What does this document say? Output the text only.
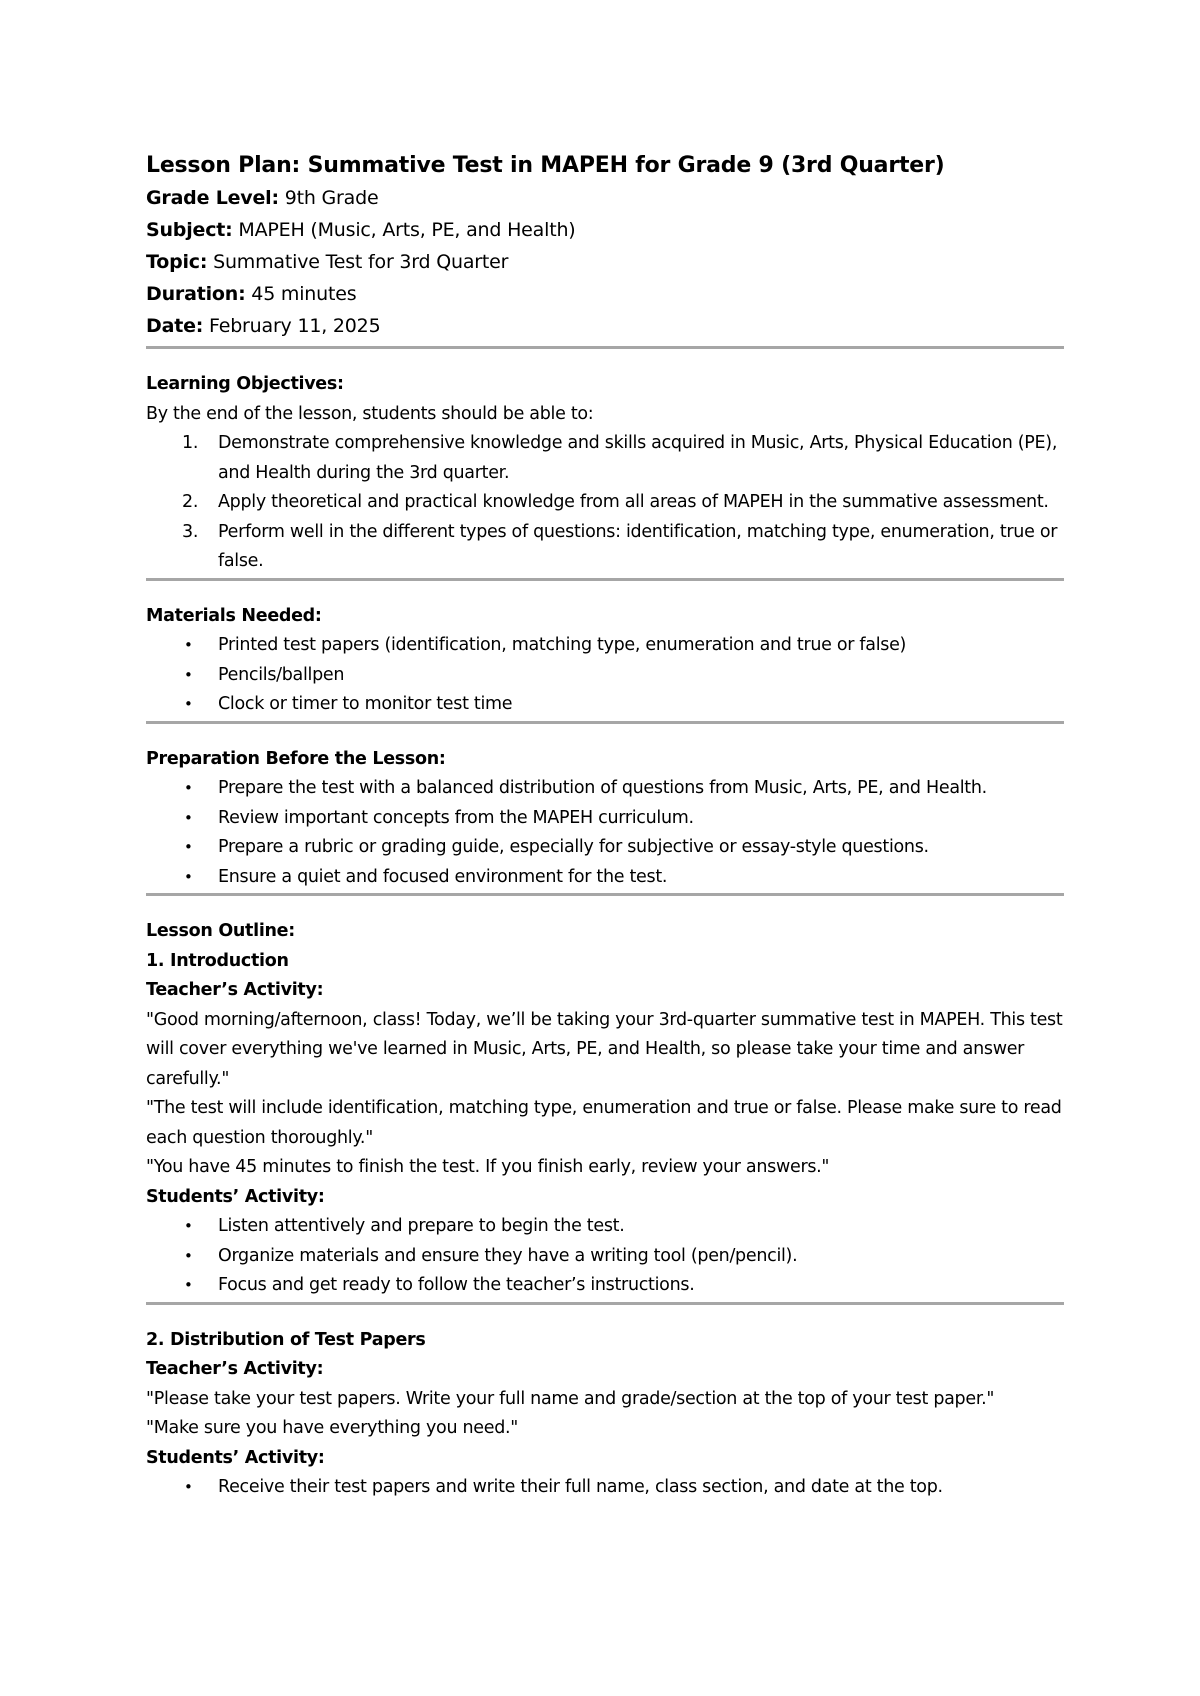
Lesson Plan: Summative Test in MAPEH for Grade 9 (3rd Quarter)

Grade Level: 9th Grade

Subject: MAPEH (Music, Arts, PE, and Health)

Topic: Summative Test for 3rd Quarter

Duration: 45 minutes

Date: February 11, 2025

Learning Objectives:

By the end of the lesson, students should be able to:

1. Demonstrate comprehensive knowledge and skills acquired in Music, Arts, Physical Education (PE), and Health during the 3rd quarter.
2. Apply theoretical and practical knowledge from all areas of MAPEH in the summative assessment.
3. Perform well in the different types of questions: identification, matching type, enumeration, true or false.

Materials Needed:

• Printed test papers (identification, matching type, enumeration and true or false)
• Pencils/ballpen
• Clock or timer to monitor test time

Preparation Before the Lesson:

• Prepare the test with a balanced distribution of questions from Music, Arts, PE, and Health.
• Review important concepts from the MAPEH curriculum.
• Prepare a rubric or grading guide, especially for subjective or essay-style questions.
• Ensure a quiet and focused environment for the test.

Lesson Outline:

1. Introduction

Teacher’s Activity:

"Good morning/afternoon, class! Today, we’ll be taking your 3rd-quarter summative test in MAPEH. This test will cover everything we've learned in Music, Arts, PE, and Health, so please take your time and answer carefully."

"The test will include identification, matching type, enumeration and true or false. Please make sure to read each question thoroughly."

"You have 45 minutes to finish the test. If you finish early, review your answers."

Students’ Activity:

• Listen attentively and prepare to begin the test.
• Organize materials and ensure they have a writing tool (pen/pencil).
• Focus and get ready to follow the teacher’s instructions.

2. Distribution of Test Papers

Teacher’s Activity:

"Please take your test papers. Write your full name and grade/section at the top of your test paper."

"Make sure you have everything you need."

Students’ Activity:

• Receive their test papers and write their full name, class section, and date at the top.
